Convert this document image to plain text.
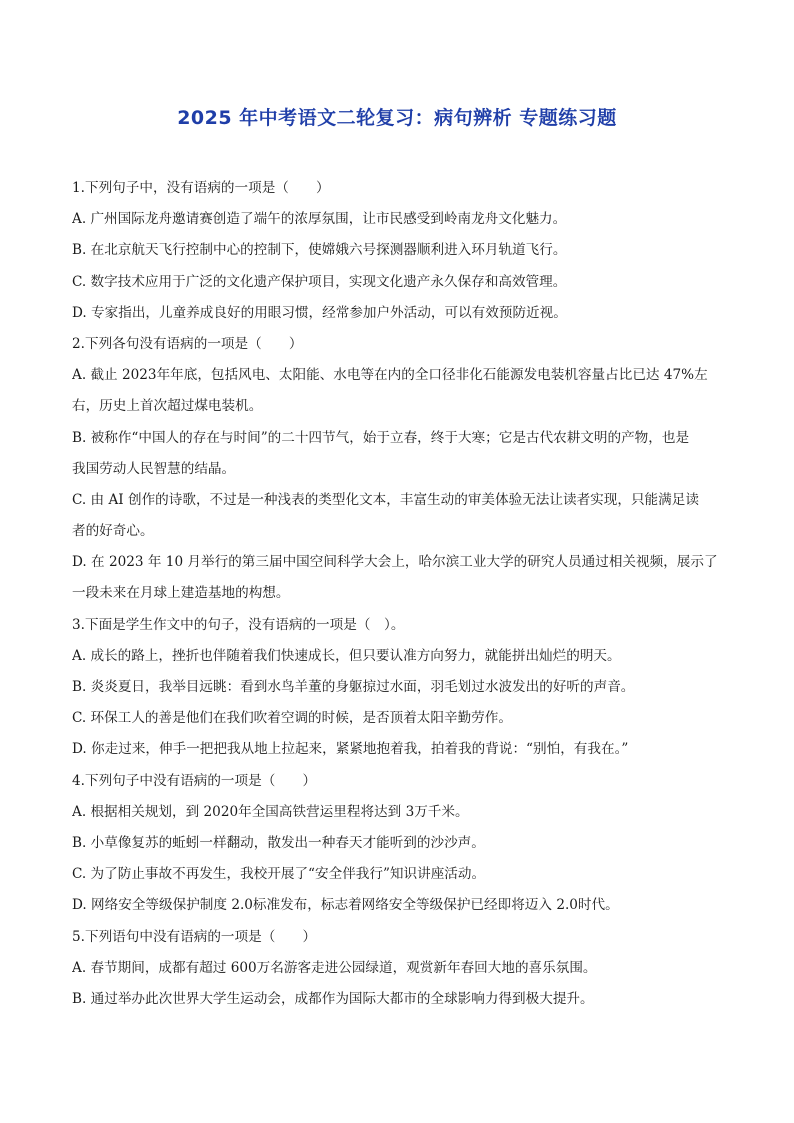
2025 年中考语文二轮复习：病句辨析 专题练习题
1.下列句子中，没有语病的一项是（　　）
A. 广州国际龙舟邀请赛创造了端午的浓厚氛围，让市民感受到岭南龙舟文化魅力。
B. 在北京航天飞行控制中心的控制下，使嫦娥六号探测器顺利进入环月轨道飞行。
C. 数字技术应用于广泛的文化遗产保护项目，实现文化遗产永久保存和高效管理。
D. 专家指出，儿童养成良好的用眼习惯，经常参加户外活动，可以有效预防近视。
2.下列各句没有语病的一项是（　　）
A. 截止 2023年年底，包括风电、太阳能、水电等在内的全口径非化石能源发电装机容量占比已达 47%左
右，历史上首次超过煤电装机。
B. 被称作“中国人的存在与时间”的二十四节气，始于立春，终于大寒；它是古代农耕文明的产物，也是
我国劳动人民智慧的结晶。
C. 由 AI 创作的诗歌，不过是一种浅表的类型化文本，丰富生动的审美体验无法让读者实现，只能满足读
者的好奇心。
D. 在 2023 年 10 月举行的第三届中国空间科学大会上，哈尔滨工业大学的研究人员通过相关视频，展示了
一段未来在月球上建造基地的构想。
3.下面是学生作文中的句子，没有语病的一项是（　）。
A. 成长的路上，挫折也伴随着我们快速成长，但只要认准方向努力，就能拼出灿烂的明天。
B. 炎炎夏日，我举目远眺：看到水鸟羊董的身躯掠过水面，羽毛划过水波发出的好听的声音。
C. 环保工人的善是他们在我们吹着空调的时候，是否顶着太阳辛勤劳作。
D. 你走过来，伸手一把把我从地上拉起来，紧紧地抱着我，拍着我的背说：“别怕，有我在。”
4.下列句子中没有语病的一项是（　　）
A. 根据相关规划，到 2020年全国高铁营运里程将达到 3万千米。
B. 小草像复苏的蚯蚓一样翻动，散发出一种春天才能听到的沙沙声。
C. 为了防止事故不再发生，我校开展了“安全伴我行”知识讲座活动。
D. 网络安全等级保护制度 2.0标准发布，标志着网络安全等级保护已经即将迈入 2.0时代。
5.下列语句中没有语病的一项是（　　）
A. 春节期间，成都有超过 600万名游客走进公园绿道，观赏新年春回大地的喜乐氛围。
B. 通过举办此次世界大学生运动会，成都作为国际大都市的全球影响力得到极大提升。
